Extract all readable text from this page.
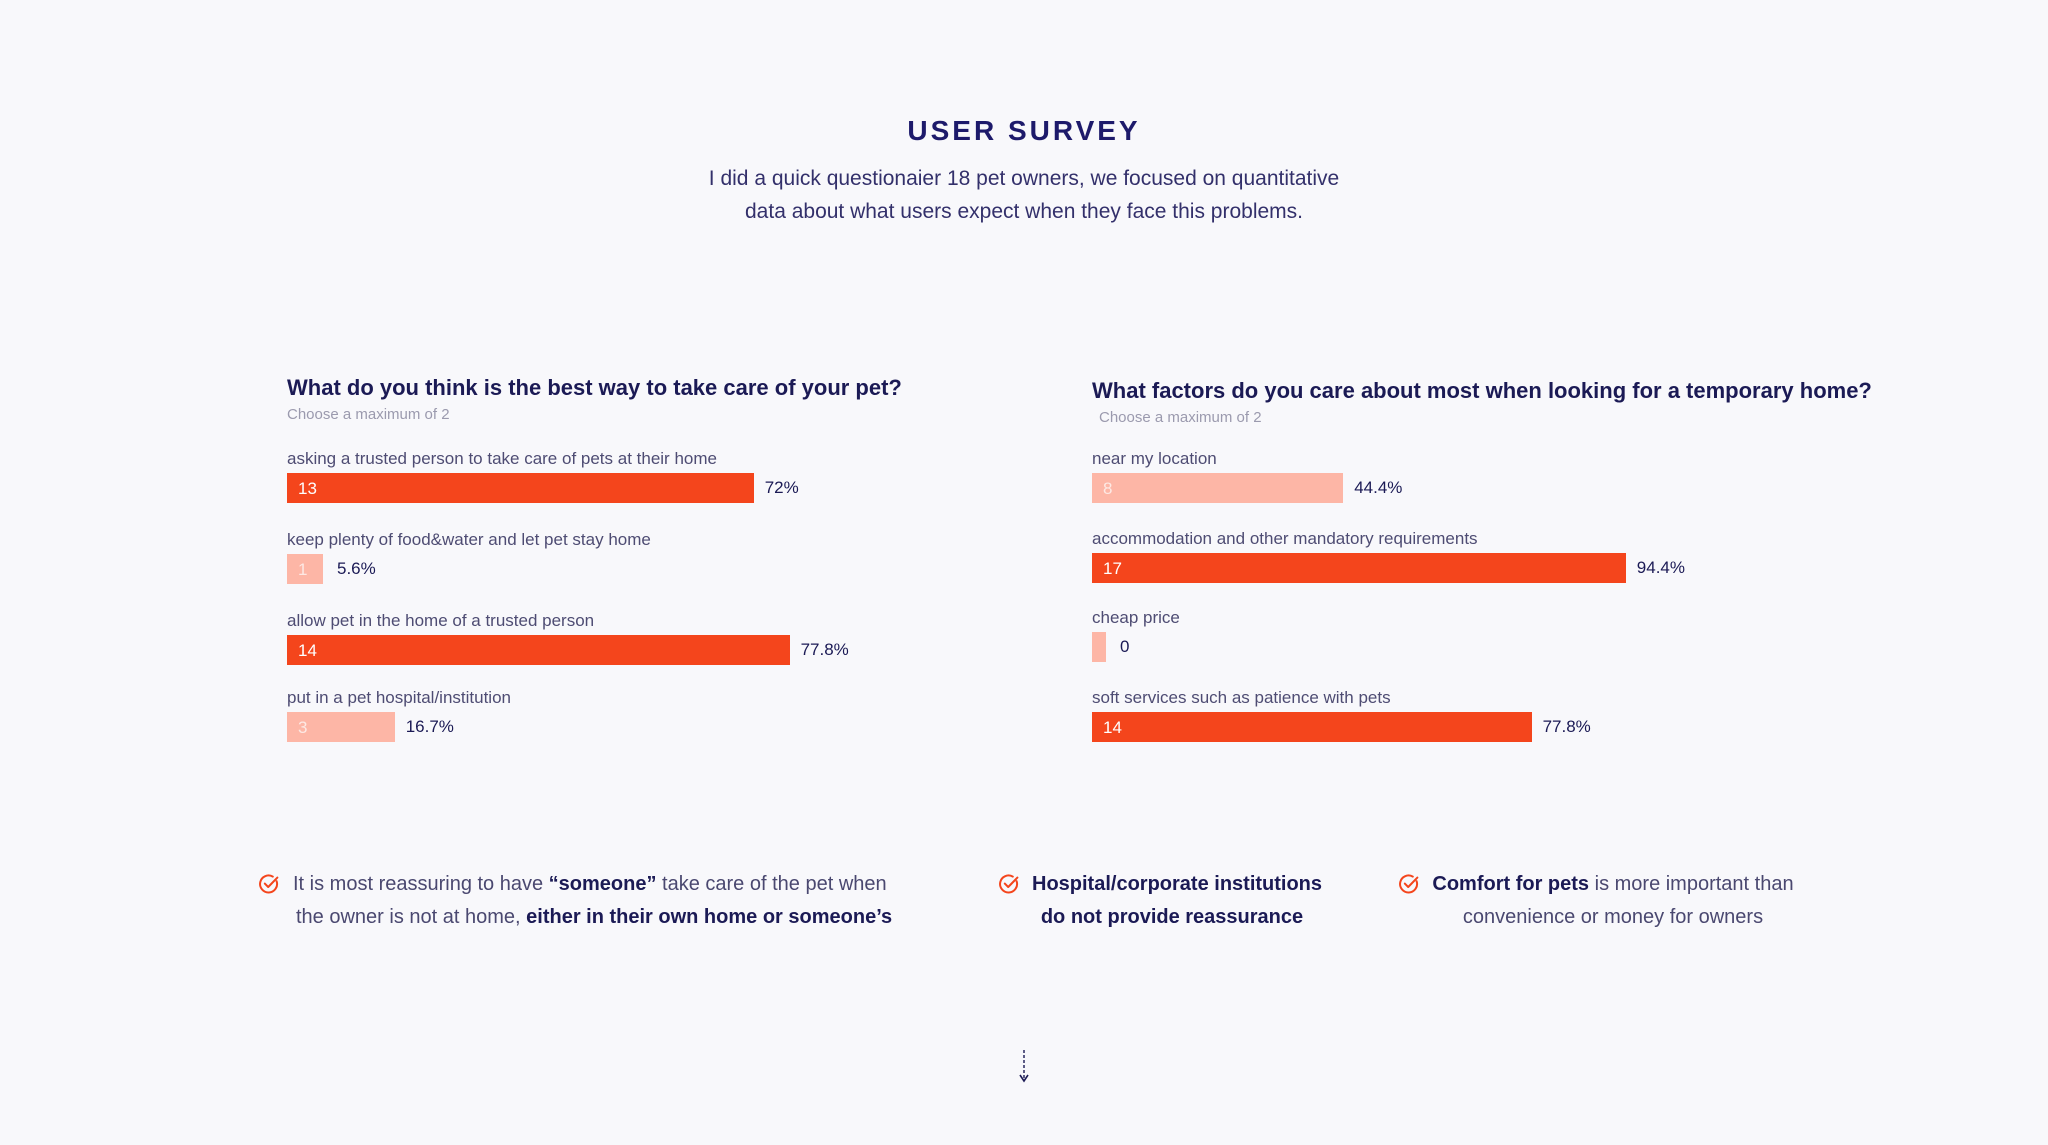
USER SURVEY
I did a quick questionaier 18 pet owners, we focused on quantitative
data about what users expect when they face this problems.
What do you think is the best way to take care of your pet?
Choose a maximum of 2
asking a trusted person to take care of pets at their home
13	72%
keep plenty of food&water and let pet stay home
1	5.6%
allow pet in the home of a trusted person
14	77.8%
put in a pet hospital/institution
3	16.7%
What factors do you care about most when looking for a temporary home?
Choose a maximum of 2
near my location
8	44.4%
accommodation and other mandatory requirements
17	94.4%
cheap price
0
soft services such as patience with pets
14	77.8%
It is most reassuring to have “someone” take care of the pet when
the owner is not at home, either in their own home or someone’s
Hospital/corporate institutions
do not provide reassurance
Comfort for pets is more important than
convenience or money for owners
